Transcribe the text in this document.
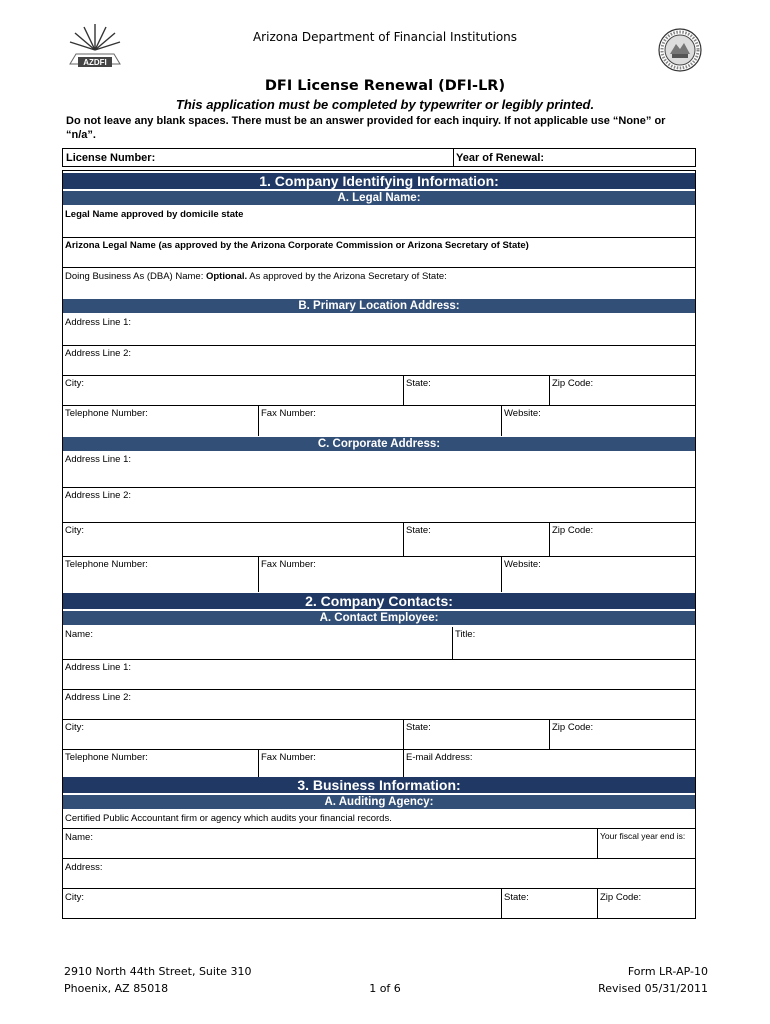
Arizona Department of Financial Institutions
AZDFI
DFI License Renewal (DFI-LR)
This application must be completed by typewriter or legibly printed.
Do not leave any blank spaces. There must be an answer provided for each inquiry. If not applicable use “None” or “n/a”.
License Number:	Year of Renewal:
1. Company Identifying Information:
A. Legal Name:
Legal Name approved by domicile state
Arizona Legal Name (as approved by the Arizona Corporate Commission or Arizona Secretary of State)
Doing Business As (DBA) Name: Optional. As approved by the Arizona Secretary of State:
B. Primary Location Address:
Address Line 1:
Address Line 2:
City:	State:	Zip Code:
Telephone Number:	Fax Number:	Website:
C. Corporate Address:
Address Line 1:
Address Line 2:
City:	State:	Zip Code:
Telephone Number:	Fax Number:	Website:
2. Company Contacts:
A. Contact Employee:
Name:	Title:
Address Line 1:
Address Line 2:
City:	State:	Zip Code:
Telephone Number:	Fax Number:	E-mail Address:
3. Business Information:
A. Auditing Agency:
Certified Public Accountant firm or agency which audits your financial records.
Name:	Your fiscal year end is:
Address:
City:	State:	Zip Code:
2910 North 44th Street, Suite 310
Phoenix, AZ 85018	1 of 6
Form LR-AP-10
Revised 05/31/2011
